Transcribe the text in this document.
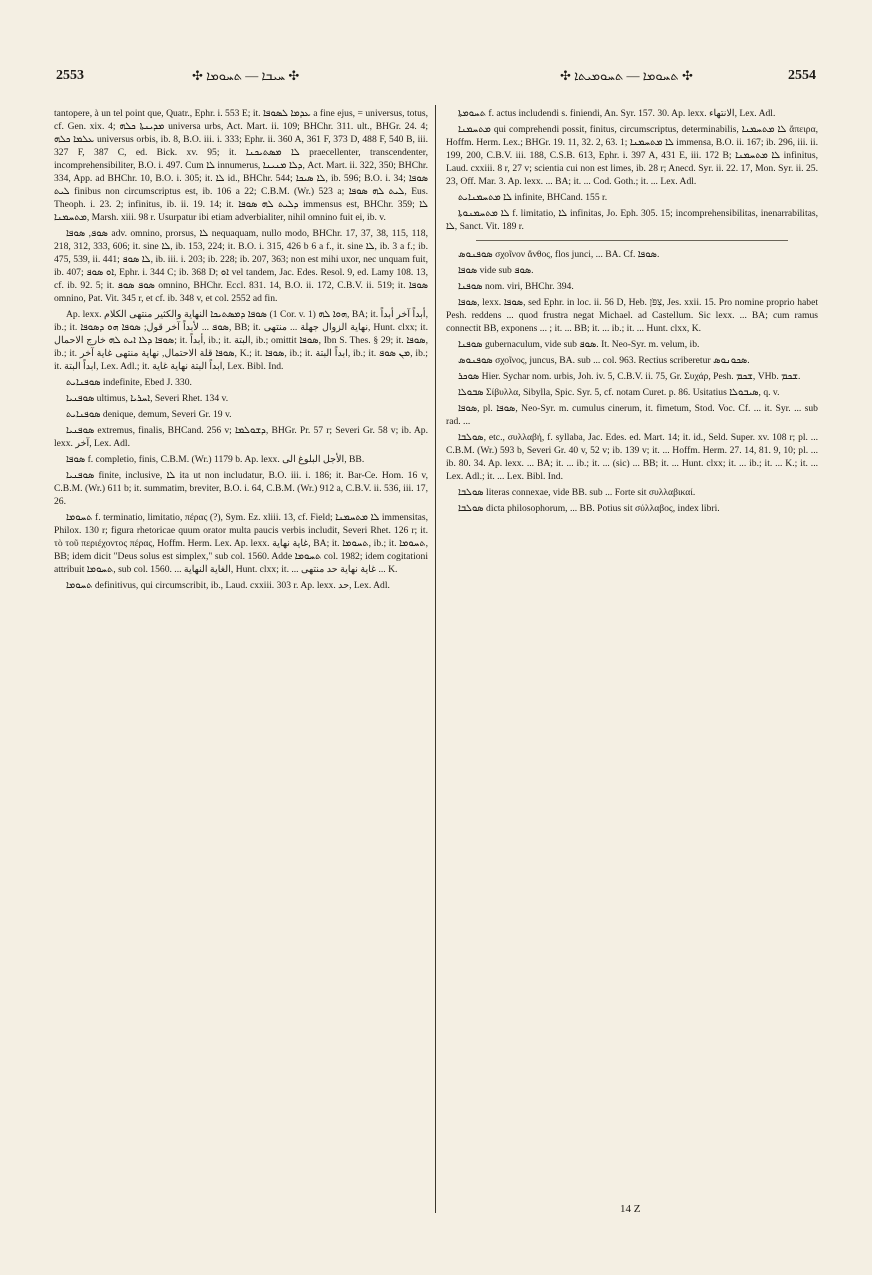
2553	✣ ܚܝܒܐ — ܬܚܘܡܐ ✣	✣ ܬܚܘܡܐ — ܬܚܘܡܝܬܐ ✣	2554

tantopere, à un tel point que, Quatr., Ephr. i. 553 E; it. ܥܕܡܐ ܠܣܘܦܐ a fine ejus, = universus, totus, cf. Gen. xix. 4; ܡܕܝܢܬܐ ܟܠܗ universa urbs, Act. Mart. ii. 109; BHChr. 311. ult., BHGr. 24. 4; ܥܠܡܐ ܟܠܗ universus orbis, ib. 8, B.O. iii. i. 333; Ephr. ii. 360 A, 361 F, 373 D, 488 F, 540 B, iii. 327 F, 387 C, ed. Bick. xv. 95; it. ܠܐ ܡܣܬܝܟܢܐ praecellenter, transcendenter, incomprehensibiliter, B.O. i. 497. Cum ܠܐ innumerus, ܕܠܐ ܡܢܝܢܐ, Act. Mart. ii. 322, 350; BHChr. 334, App. ad BHChr. 10, B.O. i. 305; it. ܠܐ id., BHChr. 544; ܠܐ ܣܝܟܐ, ib. 596; B.O. i. 34; ܣܘܦܐ ܠܝܬ finibus non circumscriptus est, ib. 106 a 22; C.B.M. (Wr.) 523 a; ܠܝܬ ܠܗ ܣܘܦܐ, Eus. Theoph. i. 23. 2; infinitus, ib. ii. 19. 14; it. ܕܠܝܬ ܠܗ ܣܘܦܐ immensus est, BHChr. 359; ܠܐ ܡܬܚܡܢܐ, Marsh. xiii. 98 r. Usurpatur ibi etiam adverbialiter, nihil omnino fuit ei, ib. v.

ܣܘܦ, ܣܘܦܐ adv. omnino, prorsus, ܠܐ nequaquam, nullo modo, BHChr. 17, 37, 38, 115, 118, 218, 312, 333, 606; it. sine ܠܐ, ib. 153, 224; it. B.O. i. 315, 426 b 6 a f., it. sine ܠܐ, ib. 3 a f.; ib. 475, 539, ii. 441; ܠܐ ܣܘܦ, ib. iii. i. 203; ib. 228; ib. 207, 363; non est mihi uxor, nec unquam fuit, ib. 407; ܐܘ ܣܘܦ, Ephr. i. 344 C; ib. 368 D; ܐܘ vel tandem, Jac. Edes. Resol. 9, ed. Lamy 108. 13, cf. ib. 92. 5; it. ܣܘܦ ܣܘܦ omnino, BHChr. Eccl. 831. 14, B.O. ii. 172, C.B.V. ii. 519; it. ܣܘܦܐ omnino, Pat. Vit. 345 r, et cf. ib. 348 v, et col. 2552 ad fin.

Ap. lexx. ܣܘܦܐ ܕܡܣܬܝܟܐ النهاية والكثير منتهى الكلام (1 Cor. v. 1) ܗܘܐ ܠܗ, BA; it. أبداً آخر أبداً, ib.; it. ܣܘܦ ... لأبداً آخر قول; ܣܘܦܐ ܗܘ ܕܣܘܦܐ, BB; it. نهاية الزوال جهلة ... منتهى, Hunt. clxx; it. ܣܘܦܐ ܕܠܐ ܐܝܬ ܠܗ خارج الاحمال; it. أبداً, ib.; it. البتة, ib.; omittit ܣܘܦܐ, Ibn S. Thes. § 29; it. ܣܘܦܐ, ib.; it. ܣܘܦܐ قلة الاحتمال, نهاية منتهى غاية آخر, K.; it. ܣܘܦܐ, ib.; it. ابداً البتة, ib.; it. ܡܢ ܣܘܦ, ib.; it. ابداً البتة, Lex. Adl.; it. ابداً البتة نهاية غاية, Lex. Bibl. Ind.

ܣܘܦܢܐܝܬ indefinite, Ebed J. 330.

ܣܘܦܢܝܐ ultimus, ܐܚܪܝܐ, Severi Rhet. 134 v.

ܣܘܦܢܐܝܬ denique, demum, Severi Gr. 19 v.

ܣܘܦܢܝܐ extremus, finalis, BHCand. 256 v; ܕܫܘܠܡܐ, BHGr. Pr. 57 r; Severi Gr. 58 v; ib. Ap. lexx. آخر, Lex. Adl.

ܣܘܦܐ f. completio, finis, C.B.M. (Wr.) 1179 b. Ap. lexx. الأجل البلوغ الى, BB.

ܣܘܦܢܝܐ finite, inclusive, ܠܐ ita ut non includatur, B.O. iii. i. 186; it. Bar-Ce. Hom. 16 v, C.B.M. (Wr.) 611 b; it. summatim, breviter, B.O. i. 64, C.B.M. (Wr.) 912 a, C.B.V. ii. 536, iii. 17, 26.

ܬܚܘܡܐ f. terminatio, limitatio, πέρας (?), Sym. Ez. xliii. 13, cf. Field; ܠܐ ܡܬܚܡܢܐ immensitas, Philox. 130 r; figura rhetoricae quum orator multa paucis verbis includit, Severi Rhet. 126 r; it. τὸ τοῦ περιέχοντος πέρας, Hoffm. Herm. Lex. Ap. lexx. غاية نهاية, BA; it. ܬܚܘܡܐ, ib.; it. ܬܚܘܡܐ, BB; idem dicit "Deus solus est simplex," sub col. 1560. Adde ܬܚܘܡܐ col. 1982; idem cogitationi attribuit ܬܚܘܡܐ, sub col. 1560. ... الغاية النهاية, Hunt. clxx; it. ... غاية نهاية حد منتهى ... K.

ܬܚܘܡܐ definitivus, qui circumscribit, ib., Laud. cxxiii. 303 r. Ap. lexx. حد, Lex. Adl.

ܬܚܘܡܬܐ f. actus includendi s. finiendi, An. Syr. 157. 30. Ap. lexx. الانتهاء, Lex. Adl.

ܡܬܚܡܢܐ qui comprehendi possit, finitus, circumscriptus, determinabilis, ܠܐ ܡܬܚܡܢܐ ἄπειρα, Hoffm. Herm. Lex.; BHGr. 19. 11, 32. 2, 63. 1; ܠܐ ܡܬܚܡܢܐ immensa, B.O. ii. 167; ib. 296, iii. ii. 199, 200, C.B.V. iii. 188, C.S.B. 613, Ephr. i. 397 A, 431 E, iii. 172 B; ܠܐ ܡܬܚܡܢܐ infinitus, Laud. cxxiii. 8 r, 27 v; scientia cui non est limes, ib. 28 r; Anecd. Syr. ii. 22. 17, Mon. Syr. ii. 25. 23, Off. Mar. 3. Ap. lexx. ... BA; it. ... Cod. Goth.; it. ... Lex. Adl.

ܠܐ ܡܬܚܡܢܐܝܬ infinite, BHCand. 155 r.

ܠܐ ܡܬܚܡܢܘܬܐ f. limitatio, ܠܐ infinitas, Jo. Eph. 305. 15; incomprehensibilitas, inenarrabilitas, ܠܐ, Sanct. Vit. 189 r.

ܣܘܦܢܘܣ σχοῖνον ἄνθος, flos junci, ... BA. Cf. ܣܘܦܐ.

ܣܘܦܐ vide sub ܣܘܦ.

ܣܘܦܢܐ nom. viri, BHChr. 394.

ܣܘܦܐ, lexx. ܣܘܦܐ, sed Ephr. in loc. ii. 56 D, Heb. צִפֹּן, Jes. xxii. 15. Pro nomine proprio habet Pesh. reddens ... quod frustra negat Michael. ad Castellum. Sic lexx. ... BA; cum ramus connectit BB, exponens ... ; it. ... BB; it. ... ib.; it. ... Hunt. clxx, K.

ܣܘܦܢܐ gubernaculum, vide sub ܣܘܦ. It. Neo-Syr. m. velum, ib.

ܣܘܦܢܘܣ σχοῖνος, juncus, BA. sub ... col. 963. Rectius scriberetur ܣܟܘܢܘܣ.

ܣܘܟܪ Hier. Sychar nom. urbis, Joh. iv. 5, C.B.V. ii. 75, Gr. Συχάρ, Pesh. ܫܟܡ, VHb. ܫܟܡ.

ܣܒܘܠܐ Σίβυλλα, Sibylla, Spic. Syr. 5, cf. notam Curet. p. 86. Usitatius ܣܝܒܘܠܐ, q. v.

ܣܘܦܐ, pl. ܣܘܦܐ, Neo-Syr. m. cumulus cinerum, it. fimetum, Stod. Voc. Cf. ... it. Syr. ... sub rad. ...

ܣܘܠܒܐ, etc., συλλαβή, f. syllaba, Jac. Edes. ed. Mart. 14; it. id., Seld. Super. xv. 108 r; pl. ... C.B.M. (Wr.) 593 b, Severi Gr. 40 v, 52 v; ib. 139 v; it. ... Hoffm. Herm. 27. 14, 81. 9, 10; pl. ... ib. 80. 34. Ap. lexx. ... BA; it. ... ib.; it. ... (sic) ... BB; it. ... Hunt. clxx; it. ... ib.; it. ... K.; it. ... Lex. Adl.; it. ... Lex. Bibl. Ind.

ܣܘܠܒܐ literas connexae, vide BB. sub ... Forte sit συλλαβικαί.

ܣܘܠܒܐ dicta philosophorum, ... BB. Potius sit σύλλαβος, index libri.

14 Z
